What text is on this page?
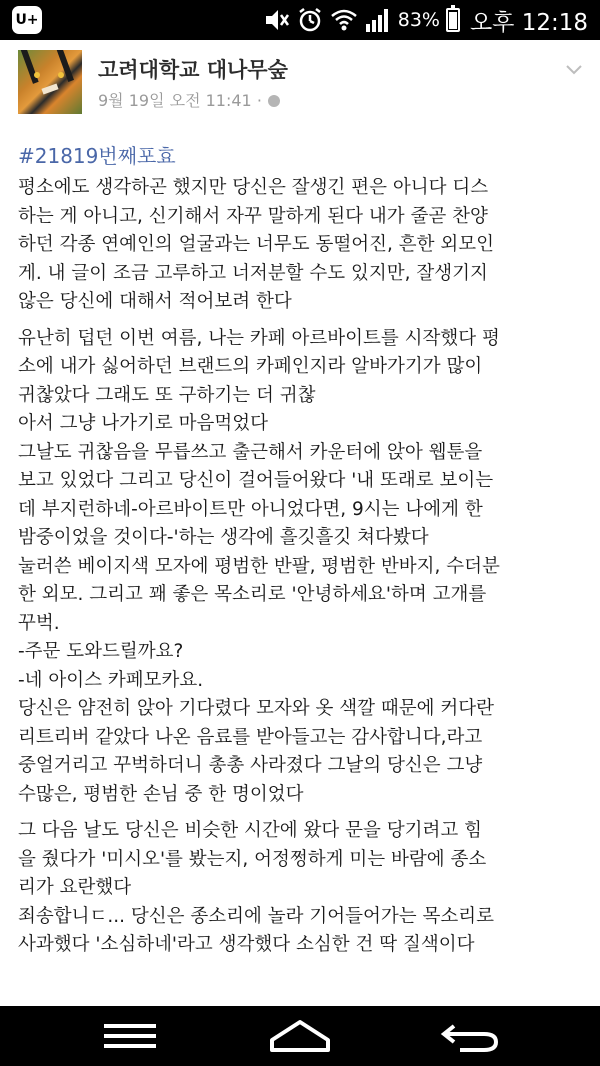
U+	83% 오후 12:18
고려대학교 대나무숲
9월 19일 오전 11:41 ·
#21819번째포효
평소에도 생각하곤 했지만 당신은 잘생긴 편은 아니다 디스
하는 게 아니고, 신기해서 자꾸 말하게 된다 내가 줄곧 찬양
하던 각종 연예인의 얼굴과는 너무도 동떨어진, 흔한 외모인
게. 내 글이 조금 고루하고 너저분할 수도 있지만, 잘생기지
않은 당신에 대해서 적어보려 한다
유난히 덥던 이번 여름, 나는 카페 아르바이트를 시작했다 평
소에 내가 싫어하던 브랜드의 카페인지라 알바가기가 많이
귀찮았다 그래도 또 구하기는 더 귀찮
아서 그냥 나가기로 마음먹었다
그날도 귀찮음을 무릅쓰고 출근해서 카운터에 앉아 웹툰을
보고 있었다 그리고 당신이 걸어들어왔다 '내 또래로 보이는
데 부지런하네-아르바이트만 아니었다면, 9시는 나에게 한
밤중이었을 것이다-'하는 생각에 흘깃흘깃 쳐다봤다
눌러쓴 베이지색 모자에 평범한 반팔, 평범한 반바지, 수더분
한 외모. 그리고 꽤 좋은 목소리로 '안녕하세요'하며 고개를
꾸벅.
-주문 도와드릴까요?
-네 아이스 카페모카요.
당신은 얌전히 앉아 기다렸다 모자와 옷 색깔 때문에 커다란
리트리버 같았다 나온 음료를 받아들고는 감사합니다,라고
중얼거리고 꾸벅하더니 총총 사라졌다 그날의 당신은 그냥
수많은, 평범한 손님 중 한 명이었다
그 다음 날도 당신은 비슷한 시간에 왔다 문을 당기려고 힘
을 줬다가 '미시오'를 봤는지, 어정쩡하게 미는 바람에 종소
리가 요란했다
죄송합니ㄷ... 당신은 종소리에 놀라 기어들어가는 목소리로
사과했다 '소심하네'라고 생각했다 소심한 건 딱 질색이다
